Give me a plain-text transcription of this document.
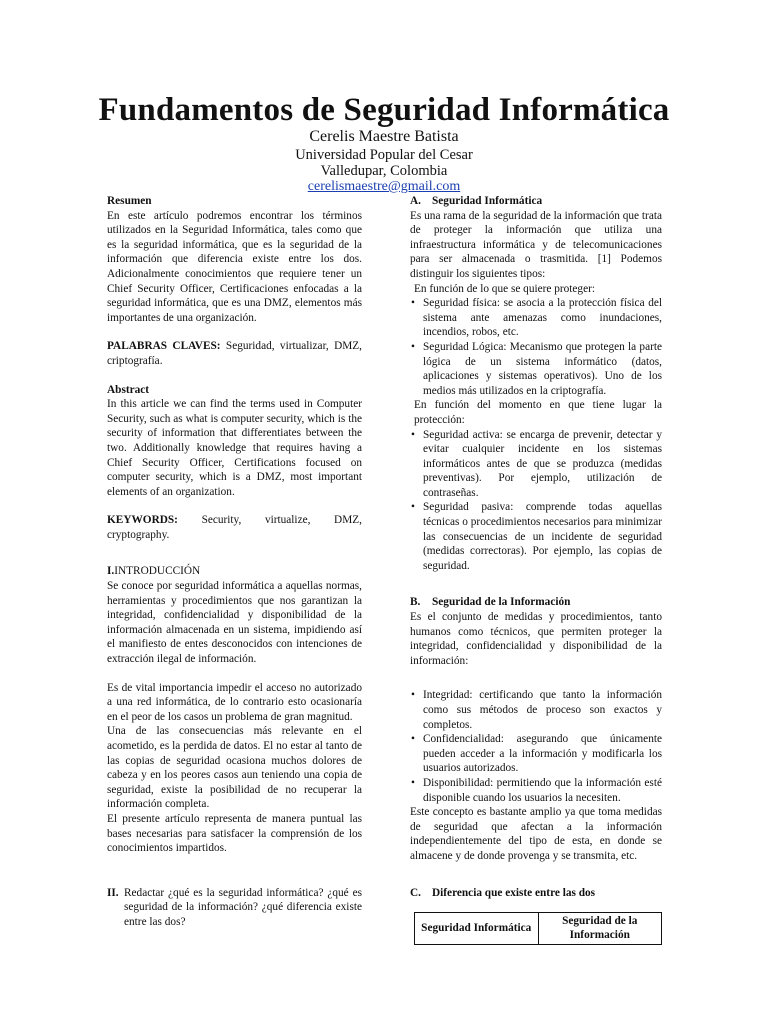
Fundamentos de Seguridad Informática
Cerelis Maestre Batista
Universidad Popular del Cesar
Valledupar, Colombia
cerelismaestre@gmail.com

Resumen

En este artículo podremos encontrar los términos utilizados en la Seguridad Informática, tales como que es la seguridad informática, que es la seguridad de la información que diferencia existe entre los dos. Adicionalmente conocimientos que requiere tener un Chief Security Officer, Certificaciones enfocadas a la seguridad informática, que es una DMZ, elementos más importantes de una organización.

PALABRAS CLAVES: Seguridad, virtualizar, DMZ, criptografía.

Abstract

In this article we can find the terms used in Computer Security, such as what is computer security, which is the security of information that differentiates between the two. Additionally knowledge that requires having a Chief Security Officer, Certifications focused on computer security, which is a DMZ, most important elements of an organization.

KEYWORDS: Security, virtualize, DMZ,

cryptography.

I.INTRODUCCIÓN

Se conoce por seguridad informática a aquellas normas, herramientas y procedimientos que nos garantizan la integridad, confidencialidad y disponibilidad de la información almacenada en un sistema, impidiendo así el manifiesto de entes desconocidos con intenciones de extracción ilegal de información.

Es de vital importancia impedir el acceso no autorizado a una red informática, de lo contrario esto ocasionaría en el peor de los casos un problema de gran magnitud.

Una de las consecuencias más relevante en el acometido, es la perdida de datos. El no estar al tanto de las copias de seguridad ocasiona muchos dolores de cabeza y en los peores casos aun teniendo una copia de seguridad, existe la posibilidad de no recuperar la información completa.

El presente artículo representa de manera puntual las bases necesarias para satisfacer la comprensión de los conocimientos impartidos.

II. Redactar ¿qué es la seguridad informática? ¿qué es seguridad de la información? ¿qué diferencia existe entre las dos?

A. Seguridad Informática

Es una rama de la seguridad de la información que trata de proteger la información que utiliza una infraestructura informática y de telecomunicaciones para ser almacenada o trasmitida. [1] Podemos distinguir los siguientes tipos:

En función de lo que se quiere proteger:

• Seguridad física: se asocia a la protección física del sistema ante amenazas como inundaciones, incendios, robos, etc.
• Seguridad Lógica: Mecanismo que protegen la parte lógica de un sistema informático (datos, aplicaciones y sistemas operativos). Uno de los medios más utilizados en la criptografía.

En función del momento en que tiene lugar la protección:

• Seguridad activa: se encarga de prevenir, detectar y evitar cualquier incidente en los sistemas informáticos antes de que se produzca (medidas preventivas). Por ejemplo, utilización de contraseñas.
• Seguridad pasiva: comprende todas aquellas técnicas o procedimientos necesarios para minimizar las consecuencias de un incidente de seguridad (medidas correctoras). Por ejemplo, las copias de seguridad.
B.	Seguridad de la Información

Es el conjunto de medidas y procedimientos, tanto humanos como técnicos, que permiten proteger la integridad, confidencialidad y disponibilidad de la información:

• Integridad: certificando que tanto la información como sus métodos de proceso son exactos y completos.
• Confidencialidad: asegurando que únicamente pueden acceder a la información y modificarla los usuarios autorizados.
• Disponibilidad: permitiendo que la información esté disponible cuando los usuarios la necesiten.

Este concepto es bastante amplio ya que toma medidas de seguridad que afectan a la información independientemente del tipo de esta, en donde se almacene y de donde provenga y se transmita, etc.

C. Diferencia que existe entre las dos
Seguridad Informática	Seguridad de la Información
